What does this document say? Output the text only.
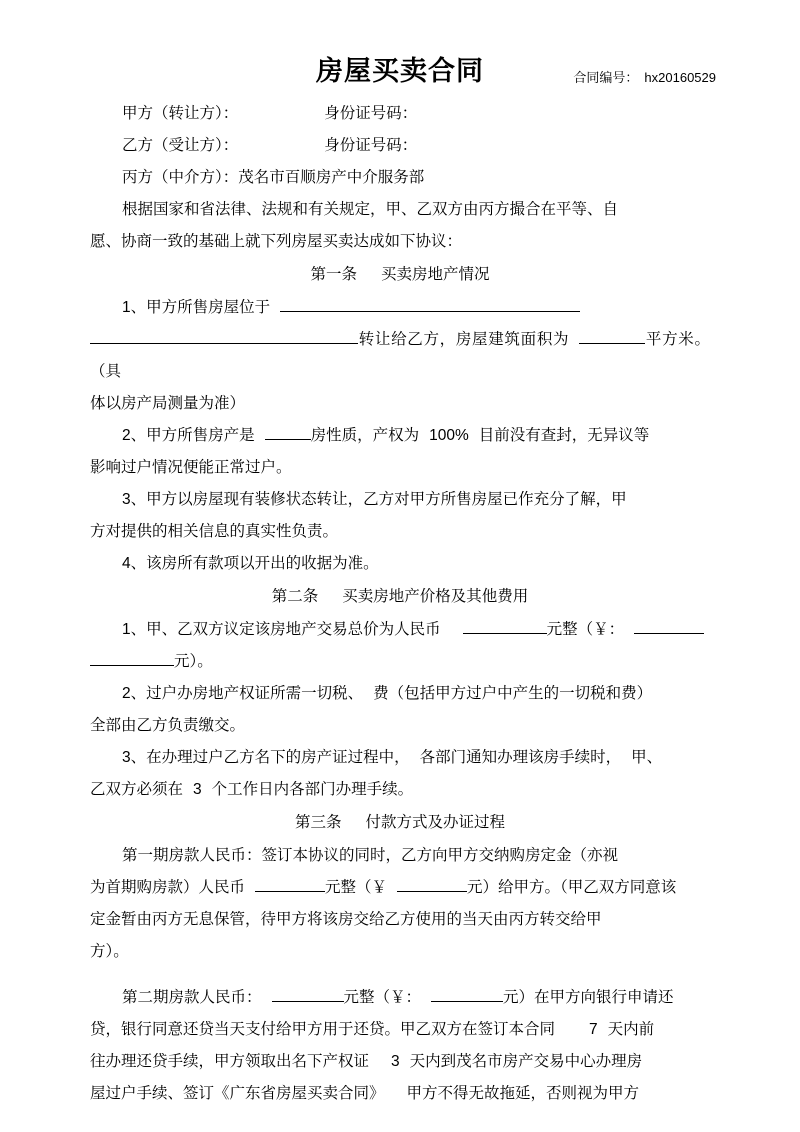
房屋买卖合同	合同编号： hx20160529

甲方（转让方）：	身份证号码：

乙方（受让方）：	身份证号码：

丙方（中介方）：茂名市百顺房产中介服务部

根据国家和省法律、法规和有关规定，甲、乙双方由丙方撮合在平等、自

愿、协商一致的基础上就下列房屋买卖达成如下协议：

第一条 买卖房地产情况

1、甲方所售房屋位于

转让给乙方，房屋建筑面积为	平方米。（具

体以房产局测量为准）

2、甲方所售房产是	房性质，产权为 100% 目前没有查封，无异议等

影响过户情况便能正常过户。

3、甲方以房屋现有装修状态转让，乙方对甲方所售房屋已作充分了解，甲

方对提供的相关信息的真实性负责。

4、该房所有款项以开出的收据为准。

第二条 买卖房地产价格及其他费用

1、甲、乙双方议定该房地产交易总价为人民币	元整（￥：

元）。

2、过户办房地产权证所需一切税、 费（包括甲方过户中产生的一切税和费）

全部由乙方负责缴交。

3、在办理过户乙方名下的房产证过程中， 各部门通知办理该房手续时， 甲、

乙双方必须在 3 个工作日内各部门办理手续。

第三条 付款方式及办证过程

第一期房款人民币：签订本协议的同时，乙方向甲方交纳购房定金（亦视

为首期购房款）人民币	元整（￥	元）给甲方。（甲乙双方同意该

定金暂由丙方无息保管，待甲方将该房交给乙方使用的当天由丙方转交给甲

方）。

第二期房款人民币：	元整（￥：	元）在甲方向银行申请还

贷，银行同意还贷当天支付给甲方用于还贷。甲乙双方在签订本合同 7 天内前

往办理还贷手续，甲方领取出名下产权证 3 天内到茂名市房产交易中心办理房

屋过户手续、签订《广东省房屋买卖合同》 甲方不得无故拖延，否则视为甲方
